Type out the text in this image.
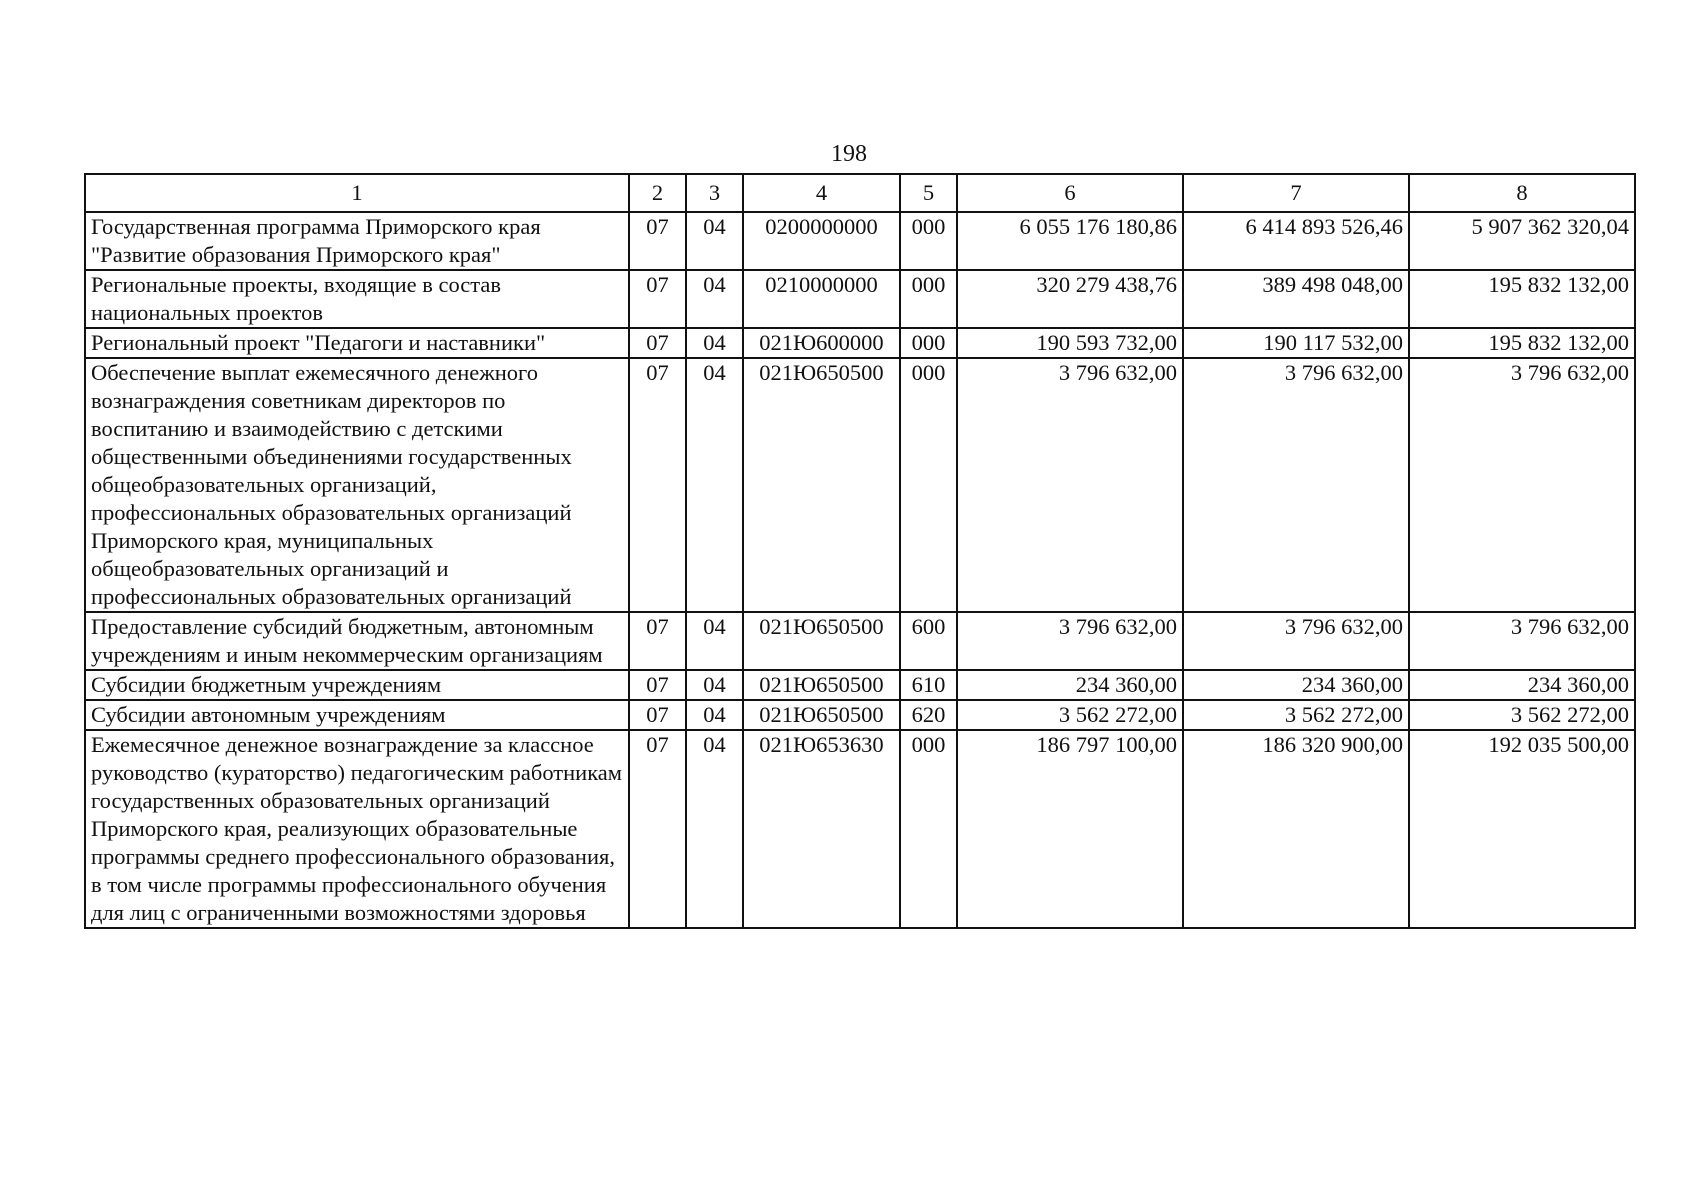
198
1	2	3	4	5	6	7	8
Государственная программа Приморского края "Развитие образования Приморского края"	07	04	0200000000	000	6 055 176 180,86	6 414 893 526,46	5 907 362 320,04
Региональные проекты, входящие в состав национальных проектов	07	04	0210000000	000	320 279 438,76	389 498 048,00	195 832 132,00
Региональный проект "Педагоги и наставники"	07	04	021Ю600000	000	190 593 732,00	190 117 532,00	195 832 132,00
Обеспечение выплат ежемесячного денежного вознаграждения советникам директоров по воспитанию и взаимодействию с детскими общественными объединениями государственных общеобразовательных организаций, профессиональных образовательных организаций Приморского края, муниципальных общеобразовательных организаций и профессиональных образовательных организаций	07	04	021Ю650500	000	3 796 632,00	3 796 632,00	3 796 632,00
Предоставление субсидий бюджетным, автономным учреждениям и иным некоммерческим организациям	07	04	021Ю650500	600	3 796 632,00	3 796 632,00	3 796 632,00
Субсидии бюджетным учреждениям	07	04	021Ю650500	610	234 360,00	234 360,00	234 360,00
Субсидии автономным учреждениям	07	04	021Ю650500	620	3 562 272,00	3 562 272,00	3 562 272,00
Ежемесячное денежное вознаграждение за классное руководство (кураторство) педагогическим работникам государственных образовательных организаций Приморского края, реализующих образовательные программы среднего профессионального образования, в том числе программы профессионального обучения для лиц с ограниченными возможностями здоровья	07	04	021Ю653630	000	186 797 100,00	186 320 900,00	192 035 500,00
